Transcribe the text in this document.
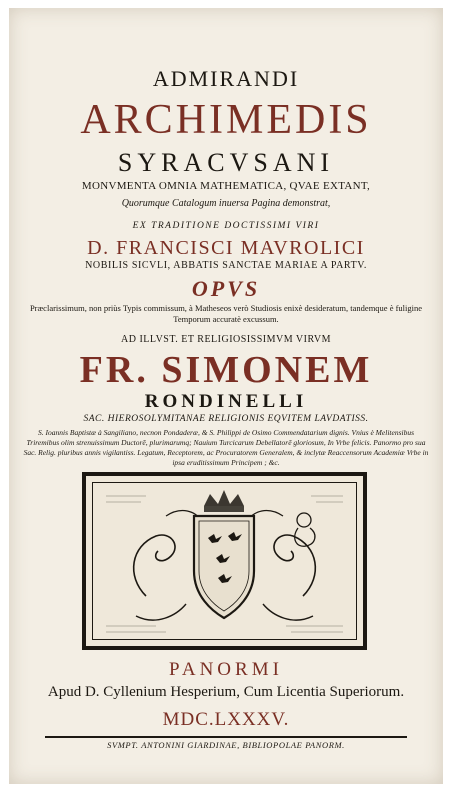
ADMIRANDI
ARCHIMEDIS
SYRACVSANI
MONVMENTA OMNIA MATHEMATICA, QVAE EXTANT,
Quorumque Catalogum inuersa Pagina demonstrat,
EX TRADITIONE DOCTISSIMI VIRI
D. FRANCISCI MAVROLICI
NOBILIS SICVLI, ABBATIS SANCTAE MARIAE A PARTV.
OPVS
Præclarissimum, non priùs Typis commissum, à Matheseos verò Studiosis enixè desideratum, tandemque è fuligine Temporum accuratè excussum.
AD ILLVST. ET RELIGIOSISSIMVM VIRVM
FR. SIMONEM
RONDINELLI
SAC. HIEROSOLYMITANAE RELIGIONIS EQVITEM LAVDATISS.
S. Ioannis Baptistæ à Sangiliano, necnon Pondaderæ, & S. Philippi de Osimo Commendatarium dignis. Vnius è Melitensibus Triremibus olim strenuissimum Ductorē, plurimarumq; Nauium Turcicarum Debellatorē gloriosum, In Vrbe felicis. Panormo pro sua Sac. Relig. pluribus annis vigilantiss. Legatum, Receptorem, ac Procuratorem Generalem, & inclytæ Reaccensorum Academiæ Vrbe in ipsa eruditissimum Principem ; &c.
PANORMI
Apud D. Cyllenium Hesperium, Cum Licentia Superiorum.
MDC.LXXXV.
SVMPT. ANTONINI GIARDINAE, BIBLIOPOLAE PANORM.
